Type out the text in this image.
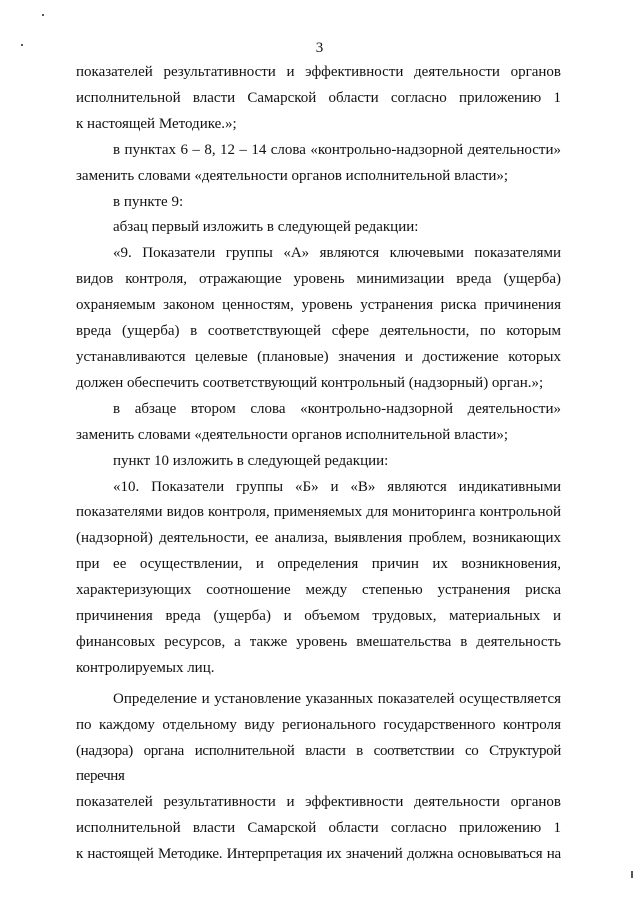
3

показателей результативности и эффективности деятельности органов
исполнительной власти Самарской области согласно приложению 1
к настоящей Методике.»;

в пунктах 6 – 8, 12 – 14 слова «контрольно-надзорной деятельности»
заменить словами «деятельности органов исполнительной власти»;

в пункте 9:

абзац первый изложить в следующей редакции:

«9. Показатели группы «А» являются ключевыми показателями
видов контроля, отражающие уровень минимизации вреда (ущерба)
охраняемым законом ценностям, уровень устранения риска причинения
вреда (ущерба) в соответствующей сфере деятельности, по которым
устанавливаются целевые (плановые) значения и достижение которых
должен обеспечить соответствующий контрольный (надзорный) орган.»;

в абзаце втором слова «контрольно-надзорной деятельности»
заменить словами «деятельности органов исполнительной власти»;

пункт 10 изложить в следующей редакции:

«10. Показатели группы «Б» и «В» являются индикативными
показателями видов контроля, применяемых для мониторинга контрольной
(надзорной) деятельности, ее анализа, выявления проблем, возникающих
при ее осуществлении, и определения причин их возникновения,
характеризующих соотношение между степенью устранения риска
причинения вреда (ущерба) и объемом трудовых, материальных и
финансовых ресурсов, а также уровень вмешательства в деятельность
контролируемых лиц.

Определение и установление указанных показателей осуществляется
по каждому отдельному виду регионального государственного контроля
(надзора) органа исполнительной власти в соответствии со Структурой перечня
показателей результативности и эффективности деятельности органов
исполнительной власти Самарской области согласно приложению 1
к настоящей Методике. Интерпретация их значений должна основываться на
